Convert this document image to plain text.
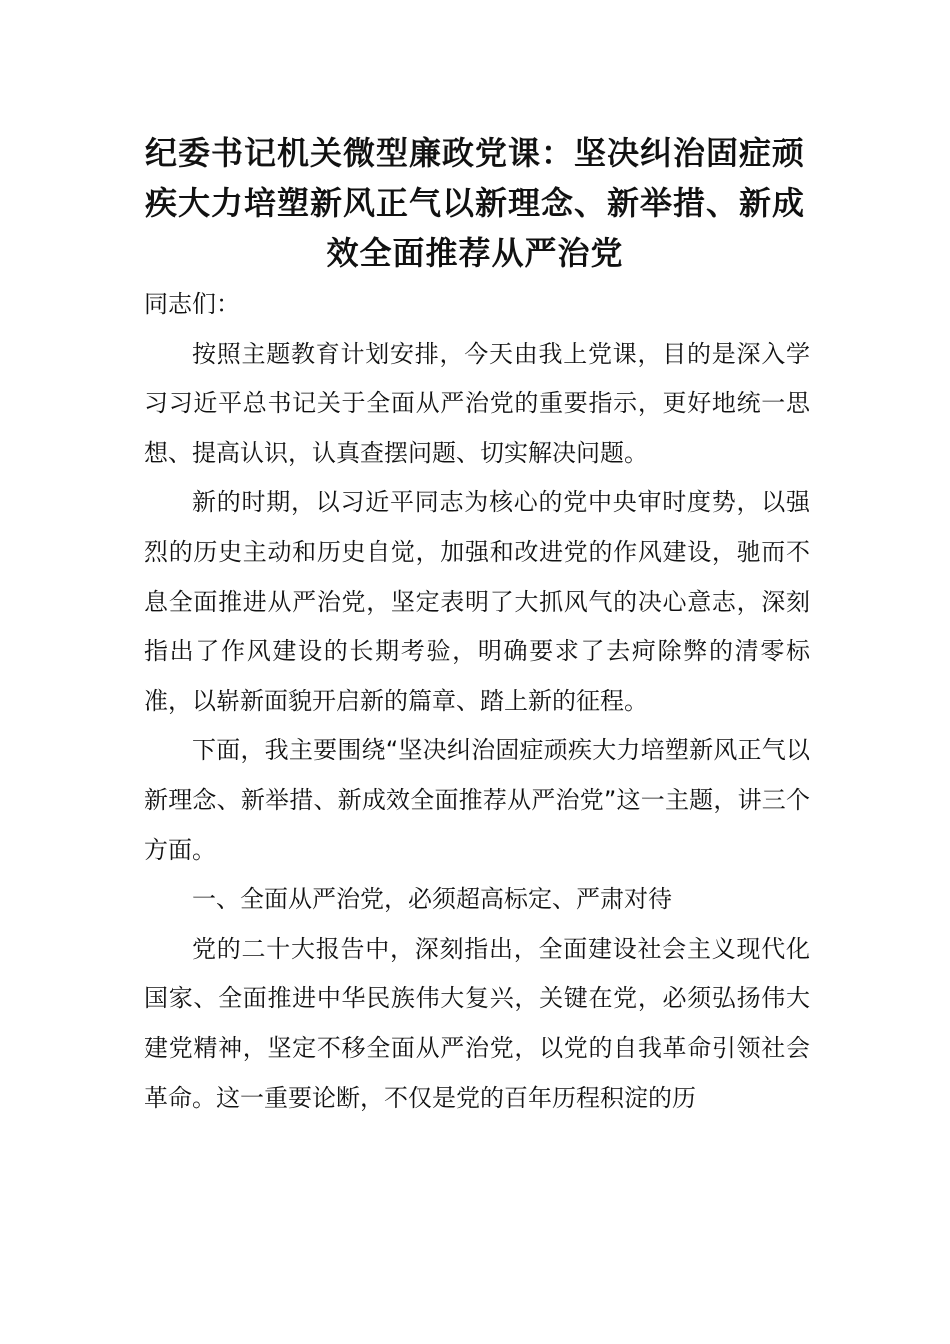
纪委书记机关微型廉政党课：坚决纠治固症顽疾大力培塑新风正气以新理念、新举措、新成效全面推荐从严治党

同志们：

按照主题教育计划安排，今天由我上党课，目的是深入学习习近平总书记关于全面从严治党的重要指示，更好地统一思想、提高认识，认真查摆问题、切实解决问题。

新的时期，以习近平同志为核心的党中央审时度势，以强烈的历史主动和历史自觉，加强和改进党的作风建设，驰而不息全面推进从严治党，坚定表明了大抓风气的决心意志，深刻指出了作风建设的长期考验，明确要求了去疴除弊的清零标准，以崭新面貌开启新的篇章、踏上新的征程。

下面，我主要围绕“坚决纠治固症顽疾大力培塑新风正气以新理念、新举措、新成效全面推荐从严治党”这一主题，讲三个方面。

一、全面从严治党，必须超高标定、严肃对待

党的二十大报告中，深刻指出，全面建设社会主义现代化国家、全面推进中华民族伟大复兴，关键在党，必须弘扬伟大建党精神，坚定不移全面从严治党，以党的自我革命引领社会革命。这一重要论断，不仅是党的百年历程积淀的历
